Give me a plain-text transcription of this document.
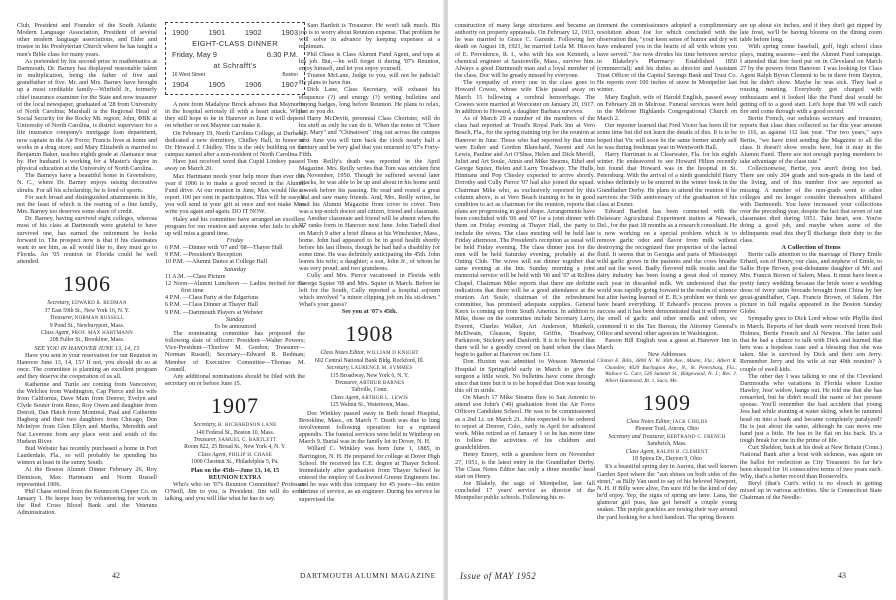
Club, President and Founder of the South Atlantic Modern Language Association, President of several other modern language associations, and Elder and trustee in his Presbyterian Church where he has taught a men's Bible class for many years.

As portended by his second prize in mathematics at Dartmouth, Dr. Barney has displayed reasonable talent in multiplication, being the father of five and grandfather of five. Mr. and Mrs. Barney have brought up a most creditable family—Winfield Jr., formerly chief insurance examiner for the State and now treasurer of the local newspaper, graduated at '28 from University of North Carolina; Marshall is the Regional Head of Social Security for the Rocky Mt. region; John, ΦBK at University of North Carolina, is district supervisor for a life insurance company's mortgage loan department, now captain in the Air Force; Francis lives at home and works in a drug store; and Mary Elizabeth is married to Benjamin Baker, teaches eighth grade at Alamance near by. Her husband is working for a Master's degree in physical education at the University of North Carolina.

The Barneys have a beautiful home in Greensboro, N. C., where Dr. Barney enjoys raising decorative shrubs. For all his scholarship, he is fond of sports.

For such broad and distinguished attainments in life, not the least of which is the rearing of a fine family, Mrs. Barney too deserves some share of credit.

Dr. Barney, having survived eight colleges, whereas most of his class at Dartmouth were grateful to have survived one, has earned the retirement he looks forward to. The prospect now is that if his classmates want to see him, as all would like to, they must go to Florida. An '05 reunion in Florida could be well attended.

1906

Secretary, EDWARD R. REDMAN
37 East 59th St., New York 16, N. Y.

Treasurer, NORMAN RUSSELL
9 Pond St., Newburyport, Mass.

Class Agent, PROF. MAX HARTMANN
208 Fuller St., Brookline, Mass.

SEE YOU IN HANOVER JUNE 13, 14, 15

Have you sent in your reservation for our Reunion in Hanover June 13, 14, 15? If not, you should do so at once. The committee is planning an excellent program and they deserve the cooperation of us all.

Katherine and Turtle are coming from Vancouver, the Welches from Washington, Cap Pierce and his wife from California, Dave Main from Denver, Evelyn and Clyde Souter from Reno, Roy Owen and daughter from Detroit, Dan Hatch from Montreal, Paul and Catherine Hagberg and their two daughters from Chicago, Don McIntyre from Glen Ellyn and Martha, Meredith and Nat Leverone from any place west and south of the Hudson River.

Bud Webster has recently purchased a home in Fort Lauderdale, Fla., so will probably be spending his winters at least in the sunny South.

At the Boston Alumni Dinner February 26, Roy Dennison, Max Hartmann and Norm Russell represented 1906.

Phil Chase retired from the Kennecott Copper Co. on January 1. He keeps busy by volunteering for work in the Red Cross Blood Bank and the Veterans Administration.

1900	1901	1902	1903
EIGHT-CLASS DINNER
Friday, May 9	6:30 P.M.
at Schrafft's
16 West Street	Boston
1904	1905	1906	1907

A note from Madalyne Brock advises that Maynor is in the hospital seriously ill with a heart attack. While they still hope to be in Hanover in June it will depend on whether or not Maynor can make it.

On February 19, North Carolina College, at Durham, dedicated a new dormitory, Chidley Hall, in honor of Dr. Howard J. Chidley. This is the only building on the campus named after a non-resident of North Carolina.

Have just received word that Cupid Lindsey passed away on March 20.

Max Hartmann needs your help more than ever this year if 1906 is to make a good record in the Alumni Fund drive. At our reunion in June, Max would like to report 100 per cent in participation. This will be easy if you will send in your gift at once and not make Max write you again and again. DO IT NOW.

Haley and his committee have arranged an excellent program for our reunion and anyone who fails to show up will miss a grand time.

Friday

6 P.M. —Dinner with '07 and '08—Thayer Hall

9 P.M. —President's Reception

10 P.M. —Alumni Dance at College Hall

Saturday

11 A.M. —Class Picture

12 Noon—Alumni Luncheon — Ladies invited for the first time

4 P.M. —Class Party at the Edgertons

6 P.M. —Class Dinner at Thayer Hall

9 P.M. —Dartmouth Players at Webster

Sunday

To be announced

The nominating committee has proposed the following slate of officers: President—Walter Powers; Vice-President—Thurlow M. Gordon; Treasurer—Norman Russell; Secretary—Edward R. Redman; Member of Executive Committee—Thomas M. Connell.

Any additional nominations should be filed with the secretary on or before June 15.

1907

Secretary, H. RICHARDSON LANE
140 Federal St., Boston 10, Mass.

Treasurer, SAMUEL C. BARTLETT
Room 822, 25 Broad St., New York 4, N. Y.

Class Agent, PHILIP H. CHASE
1000 Chestnut St., Philadelphia 5, Pa.

Plan on the 45th—June 13, 14, 15

REUNION EXTRA

Who's who on '07's Reunion Committee? Professor O'Neill, Jim to you, is President. Jim will do some talking, and you will like what he has to say.

Sam Bartlett is Treasurer. He won't talk much. His job is to worry about Reunion expense. That problem he will solve in advance by keeping expenses at a minimum.

Phil Chase is Class Alumni Fund Agent, and tops at his job. But,—he will forget it during '07's Reunion, enjoy himself, and let you enjoy yourself.

Trustee McLane, Judge to you, will not be judicial! He plans to have fun.

Dick Lane, Class Secretary, will exhaust his eloquence (?) and energy (?) writing bulletins and buying badges, long before Reunion. He plans to relax, just as you do.

Harry McDevitt, perennial Class Chorister, will do his stuff as only he can do it. When the notes of "Cheer Up, Mary" and "Chinatown" ring out across the campus next June you will turn back the clock nearly half a century and be very glad that you returned to '07's Forty-Fifth.

Tom Reilly's death was reported in the April Magazine. Mrs. Reilly writes that Tom was stricken first in November, 1950. Though he suffered several later attacks, he was able to be up and about in his home until a week before his passing. He read and rested a great deal and saw many friends. And, Mrs. Reilly writes, he read his Alumni Magazine from cover to cover. Tom was a top-notch doctor and citizen, friend and classmate.

Another classmate and friend will be absent when the '07 ranks form in Hanover next June. John Tarbell died on March 9 after a brief illness at his Winchester, Mass., home. John had appeared to be in good health shortly before his last illness, though he had had a disability for some time. He was definitely anticipating the 45th. John leaves his wife; a daughter; a son, John Jr., of whom he was very proud; and two grandsons.

Cully and Mrs. Pierce vacationed in Florida with George Squier '08 and Mrs. Squier in March. Before he left for the South, Cully reported a hospital sojourn which involved "a minor clipping job on his sit-down." What's your guess?

See you at '07's 45th.

1908

Class Notes Editor, WILLIAM D KNIGHT
602 Central National Bank Bldg. Rockford, Ill.

Secretary, LAURENCE M. SYMMES
115 Broadway, New York 6, N. Y.

Treasurer, ARTHUR BARNES
Taftville, Conn.

Class Agent, ARTHUR L. LEWIS
125 Walnut St., Watertown, Mass.

Doc Winkley passed away in Beth Israel Hospital, Brookline, Mass., on March 7. Death was due to lung involvement following operation for a ruptured appendix. The funeral services were held in Winthrop on March 9. Burial was in the family lot in Dover, N. H.

Willard C. Winkley was born June 1, 1885, in Barrington, N. H. He prepared for college at Dover High School. He received his C.E. degree at Thayer School. Immediately after graduation from Thayer School he entered the employ of Lockwood Greene Engineers Inc. and he was with this company for 45 years—his entire lifetime of service, as an engineer. During his service he supervised the

42	DARTMOUTH ALUMNI MAGAZINE

construction of many large structures and became an authority on property appraisals. On February 12, 1913, he was married to Grace C. Garside. Following her death on August 18, 1921, he married Leila M. Hiscox of E. Providence, R. I., who with his son Kenneth, a chemical engineer at Saxtonville, Mass., survive him. Always a good Dartmouth man and a loyal member of the class, Doc will be greatly missed by everyone.

The sympathy of every one in the class goes to Howard Cowee, whose wife Elsie passed away on March 15 following a cerebral hemorrhage. The Cowees were married at Worcester on January 20, 1917. In addition to Howard, a daughter Barbara survives.

As of March 29 a number of the members of the class had reported at Tread's Royal Park Inn at Vero Beach, Fla., for the spring training trip for the reunion at Hanover in June. Those who had reported by that time were Esther and Gordon Blanchard, Naomi and Art Lewis, Pauline and Art O'Shea, Helen and Dick Merrill, Juliet and Art Soule, Annis and Mike Stearns, Ethel and George Squier, Helen and Larry Treadway. The Hulls, Hinmans and Pop Chesley expected to arrive shortly. Dorothy and Cully Pierce '07 had also joined the squad. Chairman Mike who, as exclusively reported by this column above, is at Vero Beach training to be in good condition to act as chairman for the reunion, reports that plans are progressing in good shape. Arrangements have been concluded with '06 and '07 for a joint dinner with them on Friday evening at Thayer Hall, the party to include the wives. The class meeting will be held late Friday afternoon. The President's reception as usual will be held Friday evening. The class dinner just for the men will be held Saturday evening, probably at the Outing Club. The wives will eat dinner together that same evening at the Inn. Sunday morning a joint memorial service will be held with '06 and '07 at Rollins Chapel. Chairman Mike reports that there are definite indications that there will be a good attendance at the reunion. Art Soule, chairman of the refreshment committee, has promised adequate supplies. General Knox is coming up from South America. In addition to Mike, those on the committee include Secretary Larry, Everett, Charles Walker, Art Anderson, Munkelt, McElwain, Gleason, Squier, Griffin, Treadway, Parkinson, Stickney and Danforth. It is to be hoped that there will be a goodly crowd on hand when the class begin to gather at Hanover on June 13.

Don Huxton was admitted to Wesson Memorial Hospital in Springfield early in March to give the surgeon a little work. No bulletins have come through since that time but it is to be hoped that Don was tossing this off in stride.

On March 17 Mike Stearns flew to San Antonio to attend son John's ('49) graduation from the Air Force Officers Candidate School. He was to be commissioned as a 2nd Lt. on March 21. John expected to be ordered to report at Denver, Colo., early in April for advanced work. Mike retired as of January 1 so he has more time to follow the activities of his children and grandchildren.

Henry Emery, with a grandson born on November 27, 1951, is the latest entry in the Grandfather Derby. The Class Notes Editor has only a three months' head start on Henry.

Joe Blakely, the sage of Montpelier, last fall concluded 17 years' service as director of the Montpelier public schools. Following his re-

tirement the commissioners adopted a complimentary resolution about Joe for which concluded with the observation that, "your keen sense of humor and dry wit have endeared you in the hearts of all with whom you have served." Joe now divides his time between service in Blakeley's Pharmacy: Established 1850 (commercial); and his duties as director and Assistant Trust Officer of the Capitol Savings Bank and Trust Co. He reports over 100 inches of snow in Montpelier last winter.

Mary English, wife of Harold English, passed away on February 28 in Melrose. Funeral services were held in the Melrose Highlands Congregational Church on March 2.

Our reporter learned that Fred Victor has been ill for some time but did not learn the details of this. It is to be hoped that Vic will soon be the same former sturdy self he was during freshman year in Wentworth Hall.

Harry Harriman is at Clearwater, Fla. for his eighth winter. He endeavored to see Howard Hilton recently but found that Howard was in the hospital in St. Petersburg. With the arrival of a ninth grandchild Harry wishes definitely to be entered in the winter book in the Grandfather Derby. He plans to attend the reunion if he survives the 50th anniversary of the graduation of his class at Exeter.

Edward Bartlett has been connected with the Delaware Agricultural Experiment station at Newark, Del., for the past 18 months as a research consultant. He is now working on a special problem which is to remove garlic odor and flavor from milk without destroying the recognized fine properties of the lacteal fluid. It seems that in Georgia and parts of Mississippi wild garlic grows in the pastures and the cows breathe and eat the weed. Badly flavored milk results and the dairy industry has been losing a great deal of money each year in discarded milk. We understood that the world was rapidly going forward in the realm of science but after having learned of E. B.'s problem we think we have heard everything. If Edward's process proves a success and it has been demonstrated that it will remove the smell of garlic and other smells and odors, we commend it to the Tax Bureau, the Attorney General's Office and several other agencies in Washington.

Parson Bill English was a guest at Hanover Inn in March.

New Addresses

Clinton E. Bills, 3808 N. W. 36th Ave., Miami, Fla.; Albert R. Chandler, 4020 Burlington Ave., N., St. Petersburg, Fla.; Wallace G. Carr, 526 Summit St., Ridgewood, N. J.; Rev. J. Albert Hammond, Rt. 1, Saco, Me.

1909

Class Notes Editor, JACK CHILDS
Pioneer Trail, Aurora, Ohio

Secretary and Treasurer, BERTRAND C. FRENCH
Sandwich, Mass.

Class Agent, RALPH B. CLEMENT
18 Spirea Dr., Dayton 9, Ohio

It's a beautiful spring day in Aurora, that well known Garden Spot where the "sun shines on both sides of the street," as Billy Van used to say of his beloved Newport, N. H. If Billy were alive, I'm sure it'd be the kind of day he'd enjoy. Yep, the signs of spring are here. Lana, the glamour girl puss, has got herself a couple young snakes. The purple grackles are nosing their way around the yard looking for a feed handout. The spring flowers

are up about six inches, and if they don't get nipped by late frost, we'll be having blooms on the dining room table before long.

With spring come baseball, golf, high school class plays, mating seasons—and the Alumni Fund campaign. I attended that free feed put on in Cleveland on March 27 by the powers from Hanover. I was looking for Class Agent Ralph Byron Clement to be in there from Dayton, but he didn't show. Maybe he was sick. They had a rousing meeting. Everybody got charged with enthusiasm and it looked like the Fund deal would be getting off to a good start. Let's hope that '09 will catch fire and come through with a good record.

Bertie French, our sedulous secretary and treasurer, reports that class dues collected so far this year amount to 116, as against 112 last year. "For two years," says Bertie, "we have tried sending the Magazine to all the class. It doesn't show results here, but it may in the Alumni Fund. There are not enough paying members to take advantage of the class rate."

Collectionwise, Bertie, you aren't doing too bad. There are only 204 grads and non-grads in the land of the living, and of this number five are reported as missing. A number of the non-grads went to other colleges and no longer consider themselves affiliated with Dartmouth. You have increased your collections over the preceding year, despite the fact that seven of our classmates died during 1951. Take heart, son. You're doing a good job, and maybe when some of the delinquents read this they'll discharge their duty to the class.

A Collection of Items

Bertie calls attention to the marriage of Henry Emile Erhard, son of Henry, our class, and nephew of Emile, to Sallie Hope Brown, post-debutante daughter of Mr. and Mrs. Francis Brown of Salem, Mass. It must have been a pretty fancy wedding because the bride wore a wedding dress of ivory satin brocade brought from China by her great-grandfather, Capt. Francis Brown, of Salem. Her picture in full regalia appeared in the Boston Sunday Globe.

Sympathy goes to Dick Lord whose wife Phyllis died in March. Reports of her death were received from Bob Holmes, Bertie French and Al Newton. The latter said that he had a chance to talk with Dick and learned that hers was a hopeless case and a blessing that she was taken. She is survived by Dick and their son Jerry. Remember Jerry and his wife at our 40th reunion? A couple of swell kids.

The other day I was talking to one of the Cleveland Dartmouths who vacations in Florida where Louise Hawley, Jess' widow, hangs out. He told me that she has remarried, but he didn't recall the name of her present spouse. You'll remember the bad accident that young Jess had while stunting at water skiing, when he rammed head on into a bank and became completely paralyzed? He is just about the same, although he can move one hand just a little. He has to lie flat on his back. It's a tough break for one in the prime of life.

Curt Sheldon, back at his desk at New Britain (Conn.) National Bank after a bout with sickness, was again on the ballot for reelection as City Treasurer. So far he's been elected for 16 consecutive terms of two years each. Why, that's a better record than Roosevelt's.

Beryl (that's Curt's wife) is no slouch in getting mixed up in various activities. She is Connecticut State Chairman of the Needle-

Issue of MAY 1952	43
